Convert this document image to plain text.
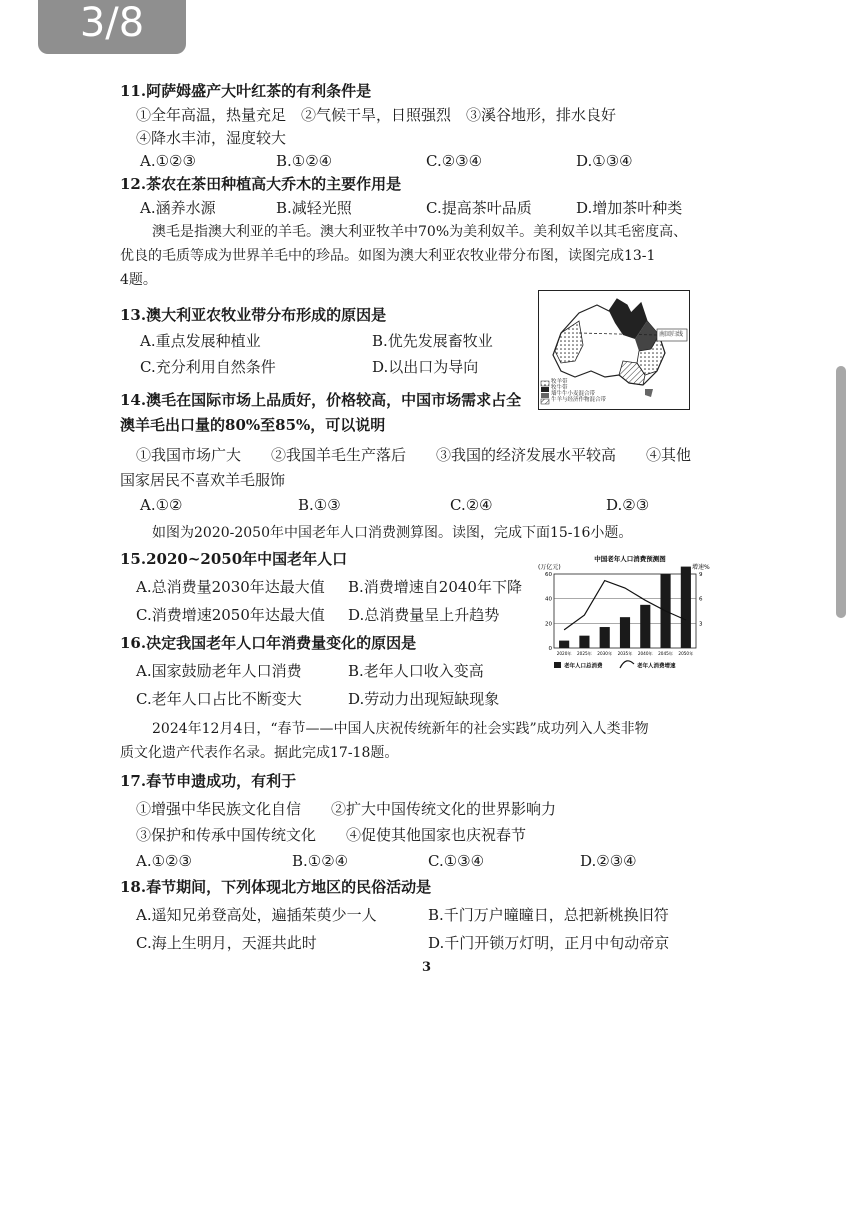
3/8
11.阿萨姆盛产大叶红茶的有利条件是
①全年高温，热量充足　②气候干旱，日照强烈　③溪谷地形，排水良好
④降水丰沛，湿度较大
A.①②③	B.①②④	C.②③④	D.①③④
12.茶农在茶田种植高大乔木的主要作用是
A.涵养水源	B.减轻光照	C.提高茶叶品质	D.增加茶叶种类
澳毛是指澳大利亚的羊毛。澳大利亚牧羊中70%为美利奴羊。美利奴羊以其毛密度高、
优良的毛质等成为世界羊毛中的珍品。如图为澳大利亚农牧业带分布图，读图完成13-1
4题。
13.澳大利亚农牧业带分布形成的原因是
A.重点发展种植业	B.优先发展畜牧业
C.充分利用自然条件	D.以出口为导向
南回归线
牧羊带
牧牛带
墙牛牛小麦混合带
牛羊与经济作物混合带
14.澳毛在国际市场上品质好，价格较高，中国市场需求占全
澳羊毛出口量的80%至85%，可以说明
①我国市场广大　　②我国羊毛生产落后　　③我国的经济发展水平较高　　④其他
国家居民不喜欢羊毛服饰
A.①②	B.①③	C.②④	D.②③
如图为2020-2050年中国老年人口消费测算图。读图，完成下面15-16小题。
15.2020~2050年中国老年人口
A.总消费量2030年达最大值 B.消费增速自2040年下降
C.消费增速2050年达最大值 D.总消费量呈上升趋势
中国老年人口消费预测图
(万亿元)	增速%
0
20
40
60
3
6
9
2020年 2025年 2030年 2035年 2040年 2045年 2050年
老年人口总消费	老年人消费增速
16.决定我国老年人口年消费量变化的原因是
A.国家鼓励老年人口消费	B.老年人口收入变高
C.老年人口占比不断变大	D.劳动力出现短缺现象
2024年12月4日，“春节——中国人庆祝传统新年的社会实践”成功列入人类非物
质文化遗产代表作名录。据此完成17-18题。
17.春节申遗成功，有利于
①增强中华民族文化自信　　②扩大中国传统文化的世界影响力
③保护和传承中国传统文化　　④促使其他国家也庆祝春节
A.①②③	B.①②④	C.①③④	D.②③④
18.春节期间，下列体现北方地区的民俗活动是
A.遥知兄弟登高处，遍插茱萸少一人	B.千门万户曈曈日，总把新桃换旧符
C.海上生明月，天涯共此时	D.千门开锁万灯明，正月中旬动帝京
3
